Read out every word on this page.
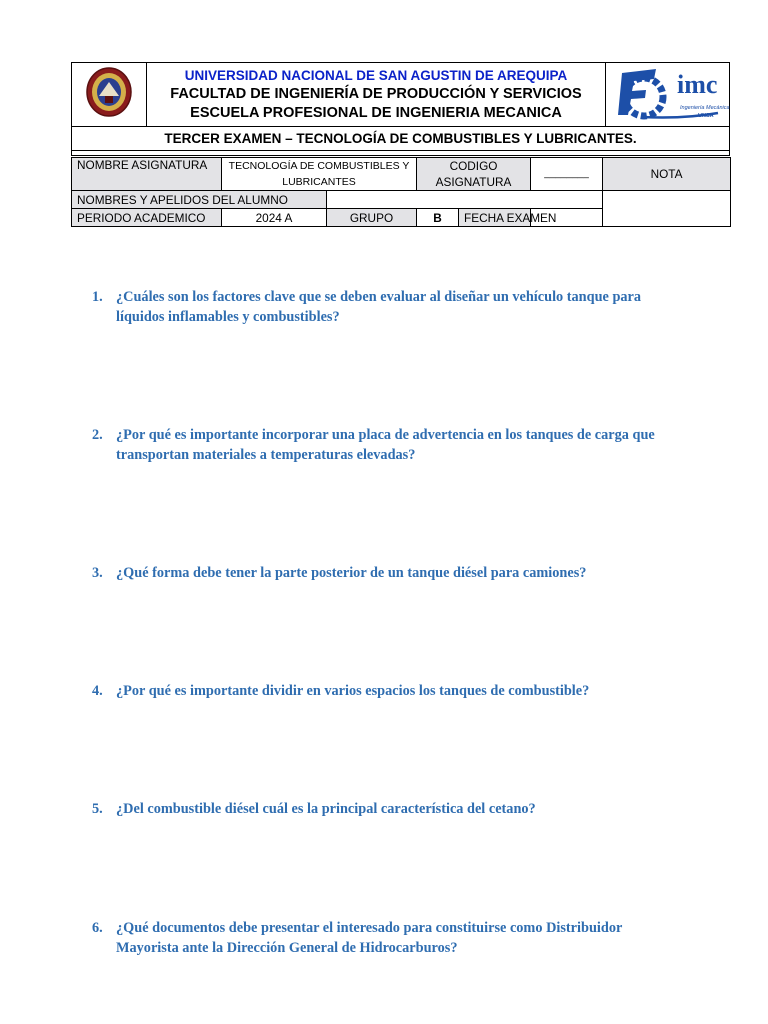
UNIVERSIDAD NACIONAL DE SAN AGUSTIN DE AREQUIPA
FACULTAD DE INGENIERÍA DE PRODUCCIÓN Y SERVICIOS
ESCUELA PROFESIONAL DE INGENIERIA MECANICA

imc
Ingeniería Mecánica
UNSA

TERCER EXAMEN – TECNOLOGÍA DE COMBUSTIBLES Y LUBRICANTES.

NOMBRE ASIGNATURA	TECNOLOGÍA DE COMBUSTIBLES Y LUBRICANTES		CODIGO ASIGNATURA		________	NOTA
NOMBRES Y APELIDOS DEL ALUMNO						
PERIODO ACADEMICO	2024 A	GRUPO	B	FECHA EXAMEN		
1. ¿Cuáles son los factores clave que se deben evaluar al diseñar un vehículo tanque para líquidos inflamables y combustibles?
2. ¿Por qué es importante incorporar una placa de advertencia en los tanques de carga que transportan materiales a temperaturas elevadas?
3. ¿Qué forma debe tener la parte posterior de un tanque diésel para camiones?
4. ¿Por qué es importante dividir en varios espacios los tanques de combustible?
5. ¿Del combustible diésel cuál es la principal característica del cetano?
6. ¿Qué documentos debe presentar el interesado para constituirse como Distribuidor Mayorista ante la Dirección General de Hidrocarburos?
